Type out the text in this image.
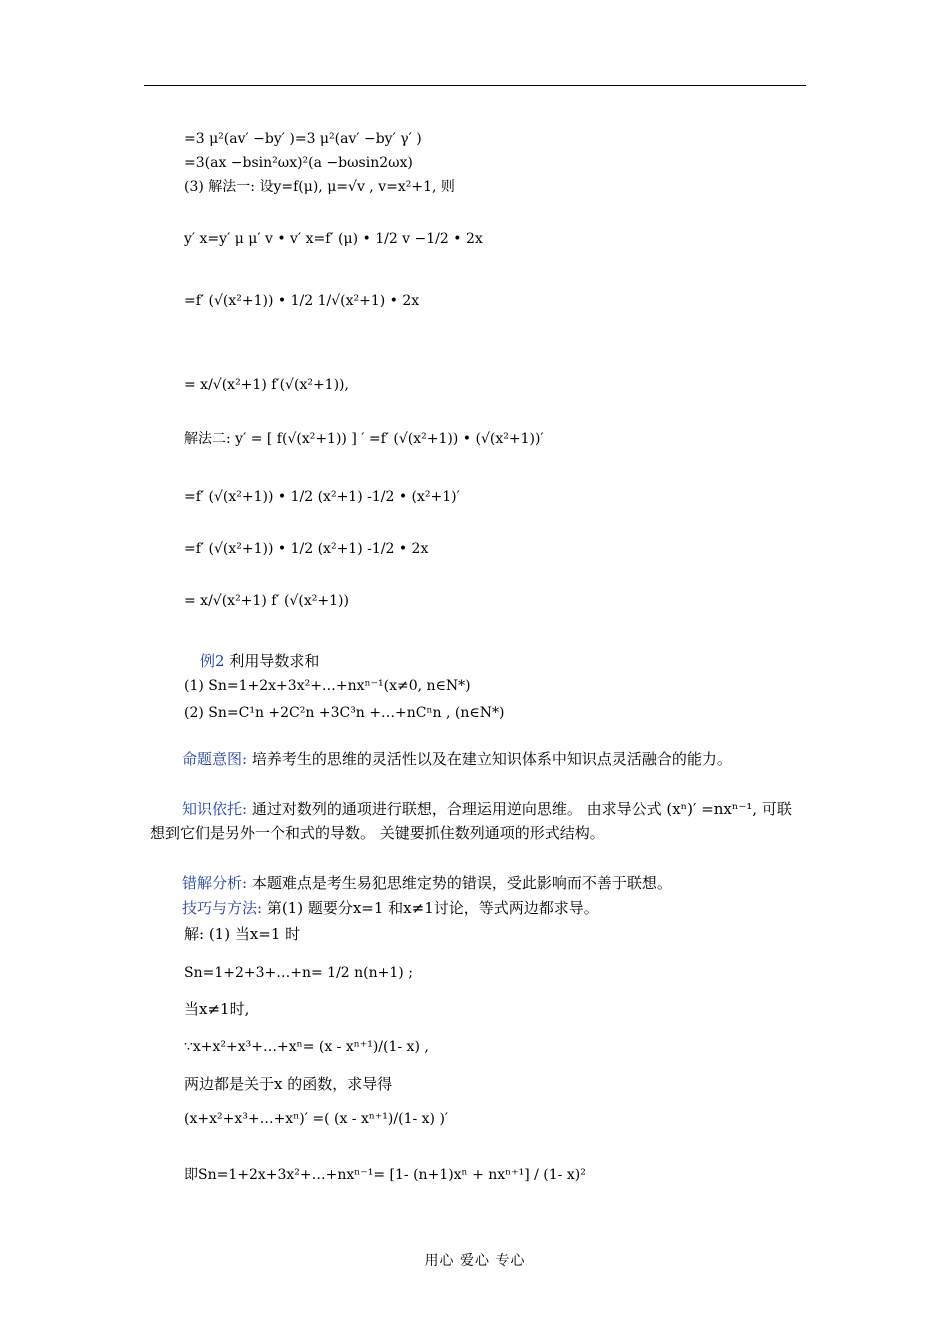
=3 μ²(av′ −by′ )=3 μ²(av′ −by′ γ′ )
=3(ax −bsin²ωx)²(a −bωsin2ωx)
(3) 解法一: 设y=f(μ), μ=√v , v=x²+1, 则
y′ x=y′ μ μ′ v • v′ x=f′ (μ) • 1/2 v −1/2 • 2x
=f′ (√(x²+1)) • 1/2 1/√(x²+1) • 2x
= x/√(x²+1) f′(√(x²+1)),
解法二: y′ = [ f(√(x²+1)) ] ′ =f′ (√(x²+1)) • (√(x²+1))′
=f′ (√(x²+1)) • 1/2 (x²+1) -1/2 • (x²+1)′
=f′ (√(x²+1)) • 1/2 (x²+1) -1/2 • 2x
= x/√(x²+1) f′ (√(x²+1))
例2 利用导数求和
(1) Sn=1+2x+3x²+…+nxⁿ⁻¹(x≠0, n∈N*)
(2) Sn=C¹n +2C²n +3C³n +…+nCⁿn , (n∈N*)
命题意图: 培养考生的思维的灵活性以及在建立知识体系中知识点灵活融合的能力。
知识依托: 通过对数列的通项进行联想，合理运用逆向思维。 由求导公式 (xⁿ)′ =nxⁿ⁻¹, 可联想到它们是另外一个和式的导数。 关键要抓住数列通项的形式结构。
错解分析: 本题难点是考生易犯思维定势的错误，受此影响而不善于联想。
技巧与方法: 第(1) 题要分x=1 和x≠1讨论，等式两边都求导。
解: (1) 当x=1 时
Sn=1+2+3+…+n= 1/2 n(n+1) ;
当x≠1时,
∵x+x²+x³+…+xⁿ= (x - xⁿ⁺¹)/(1- x) ,
两边都是关于x 的函数，求导得
(x+x²+x³+…+xⁿ)′ =( (x - xⁿ⁺¹)/(1- x) )′
即Sn=1+2x+3x²+…+nxⁿ⁻¹= [1- (n+1)xⁿ + nxⁿ⁺¹] / (1- x)²
用心 爱心 专心
